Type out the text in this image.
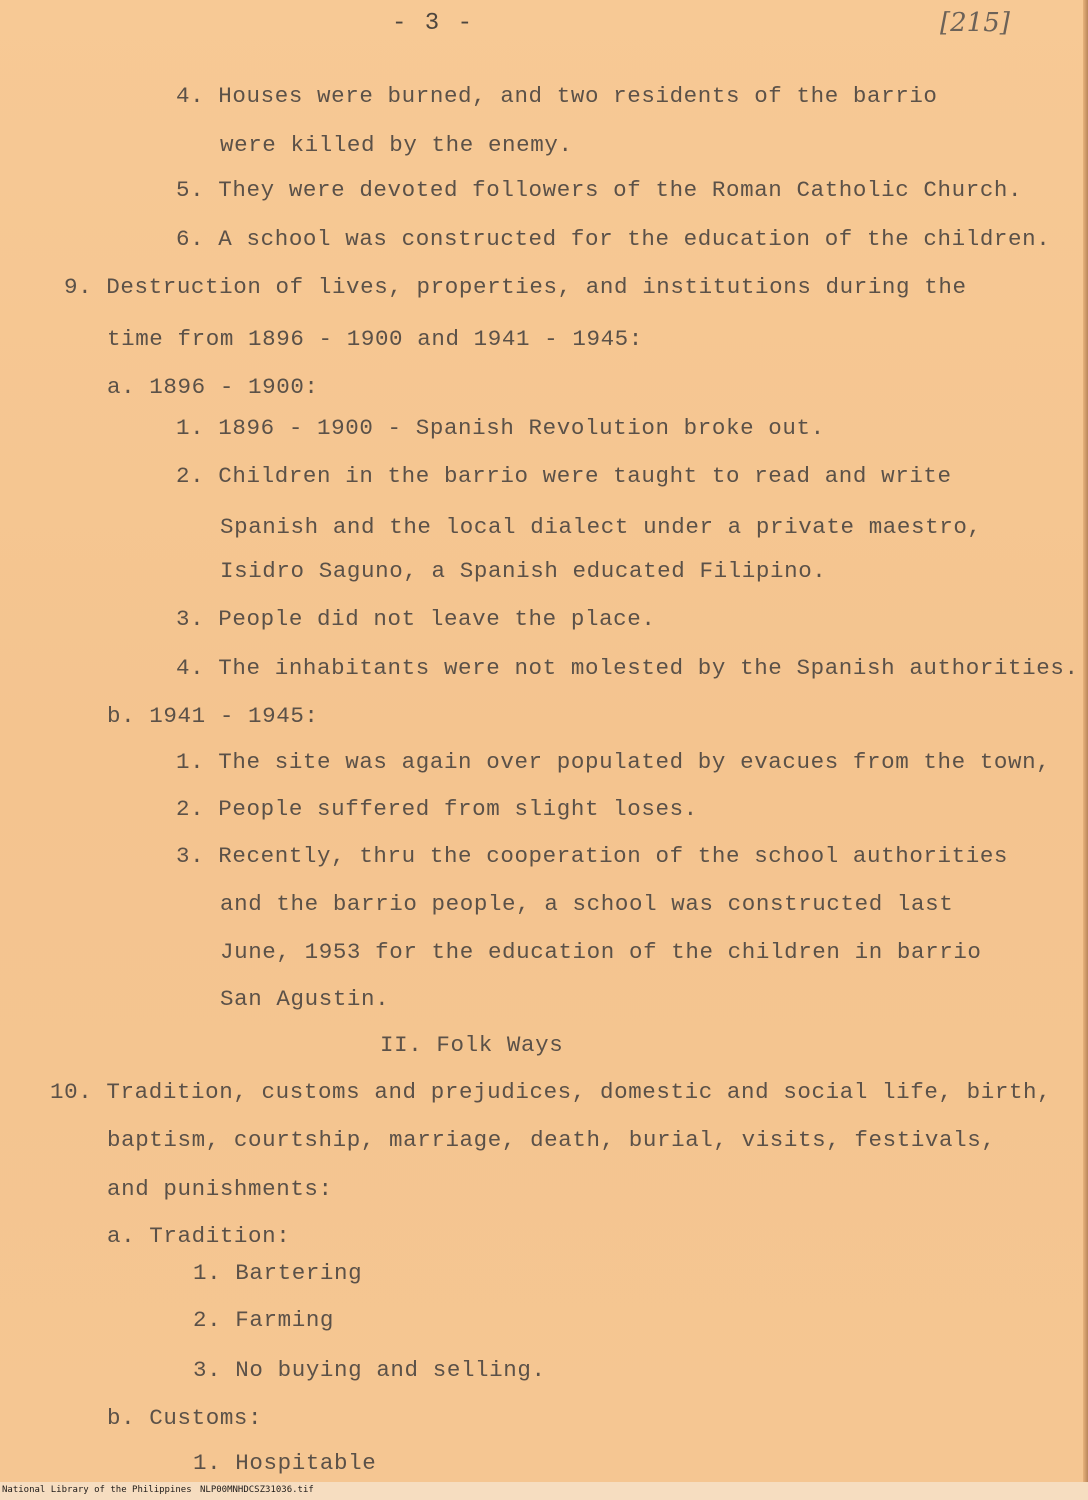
- 3 -	[215]
4. Houses were burned, and two residents of the barrio
were killed by the enemy.
5. They were devoted followers of the Roman Catholic Church.
6. A school was constructed for the education of the children.
9. Destruction of lives, properties, and institutions during the
time from 1896 - 1900 and 1941 - 1945:
a. 1896 - 1900:
1. 1896 - 1900 - Spanish Revolution broke out.
2. Children in the barrio were taught to read and write
Spanish and the local dialect under a private maestro,
Isidro Saguno, a Spanish educated Filipino.
3. People did not leave the place.
4. The inhabitants were not molested by the Spanish authorities.
b. 1941 - 1945:
1. The site was again over populated by evacues from the town,
2. People suffered from slight loses.
3. Recently, thru the cooperation of the school authorities
and the barrio people, a school was constructed last
June, 1953 for the education of the children in barrio
San Agustin.
II. Folk Ways
10. Tradition, customs and prejudices, domestic and social life, birth,
baptism, courtship, marriage, death, burial, visits, festivals,
and punishments:
a. Tradition:
1. Bartering
2. Farming
3. No buying and selling.
b. Customs:
1. Hospitable
National Library of the Philippines NLP00MNHDCSZ31036.tif
